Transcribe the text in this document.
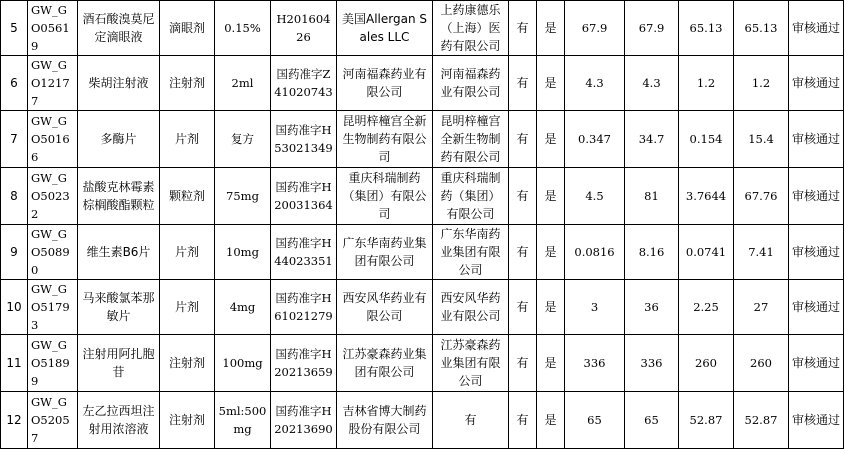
5	GW_GO05619	酒石酸溴莫尼定滴眼液	滴眼剂	0.15%	H20160426	美国Allergan Sales LLC	上药康德乐（上海）医药有限公司	有	是	67.9	67.9	65.13	65.13	审核通过
6	GW_GO12177	柴胡注射液	注射剂	2ml	国药准字Z41020743	河南福森药业有限公司	河南福森药业有限公司	有	是	4.3	4.3	1.2	1.2	审核通过
7	GW_GO50166	多酶片	片剂	复方	国药准字H53021349	昆明梓橦宫全新生物制药有限公司	昆明梓橦宫全新生物制药有限公司	有	是	0.347	34.7	0.154	15.4	审核通过
8	GW_GO50232	盐酸克林霉素棕榈酸酯颗粒	颗粒剂	75mg	国药准字H20031364	重庆科瑞制药（集团）有限公司	重庆科瑞制药（集团）有限公司	有	是	4.5	81	3.7644	67.76	审核通过
9	GW_GO50890	维生素B6片	片剂	10mg	国药准字H44023351	广东华南药业集团有限公司	广东华南药业集团有限公司	有	是	0.0816	8.16	0.0741	7.41	审核通过
10	GW_GO51793	马来酸氯苯那敏片	片剂	4mg	国药准字H61021279	西安风华药业有限公司	西安风华药业有限公司	有	是	3	36	2.25	27	审核通过
11	GW_GO51899	注射用阿扎胞苷	注射剂	100mg	国药准字H20213659	江苏豪森药业集团有限公司	江苏豪森药业集团有限公司	有	是	336	336	260	260	审核通过
12	GW_GO52057	左乙拉西坦注射用浓溶液	注射剂	5ml:500mg	国药准字H20213690	吉林省博大制药股份有限公司	有	有	是	65	65	52.87	52.87	审核通过
